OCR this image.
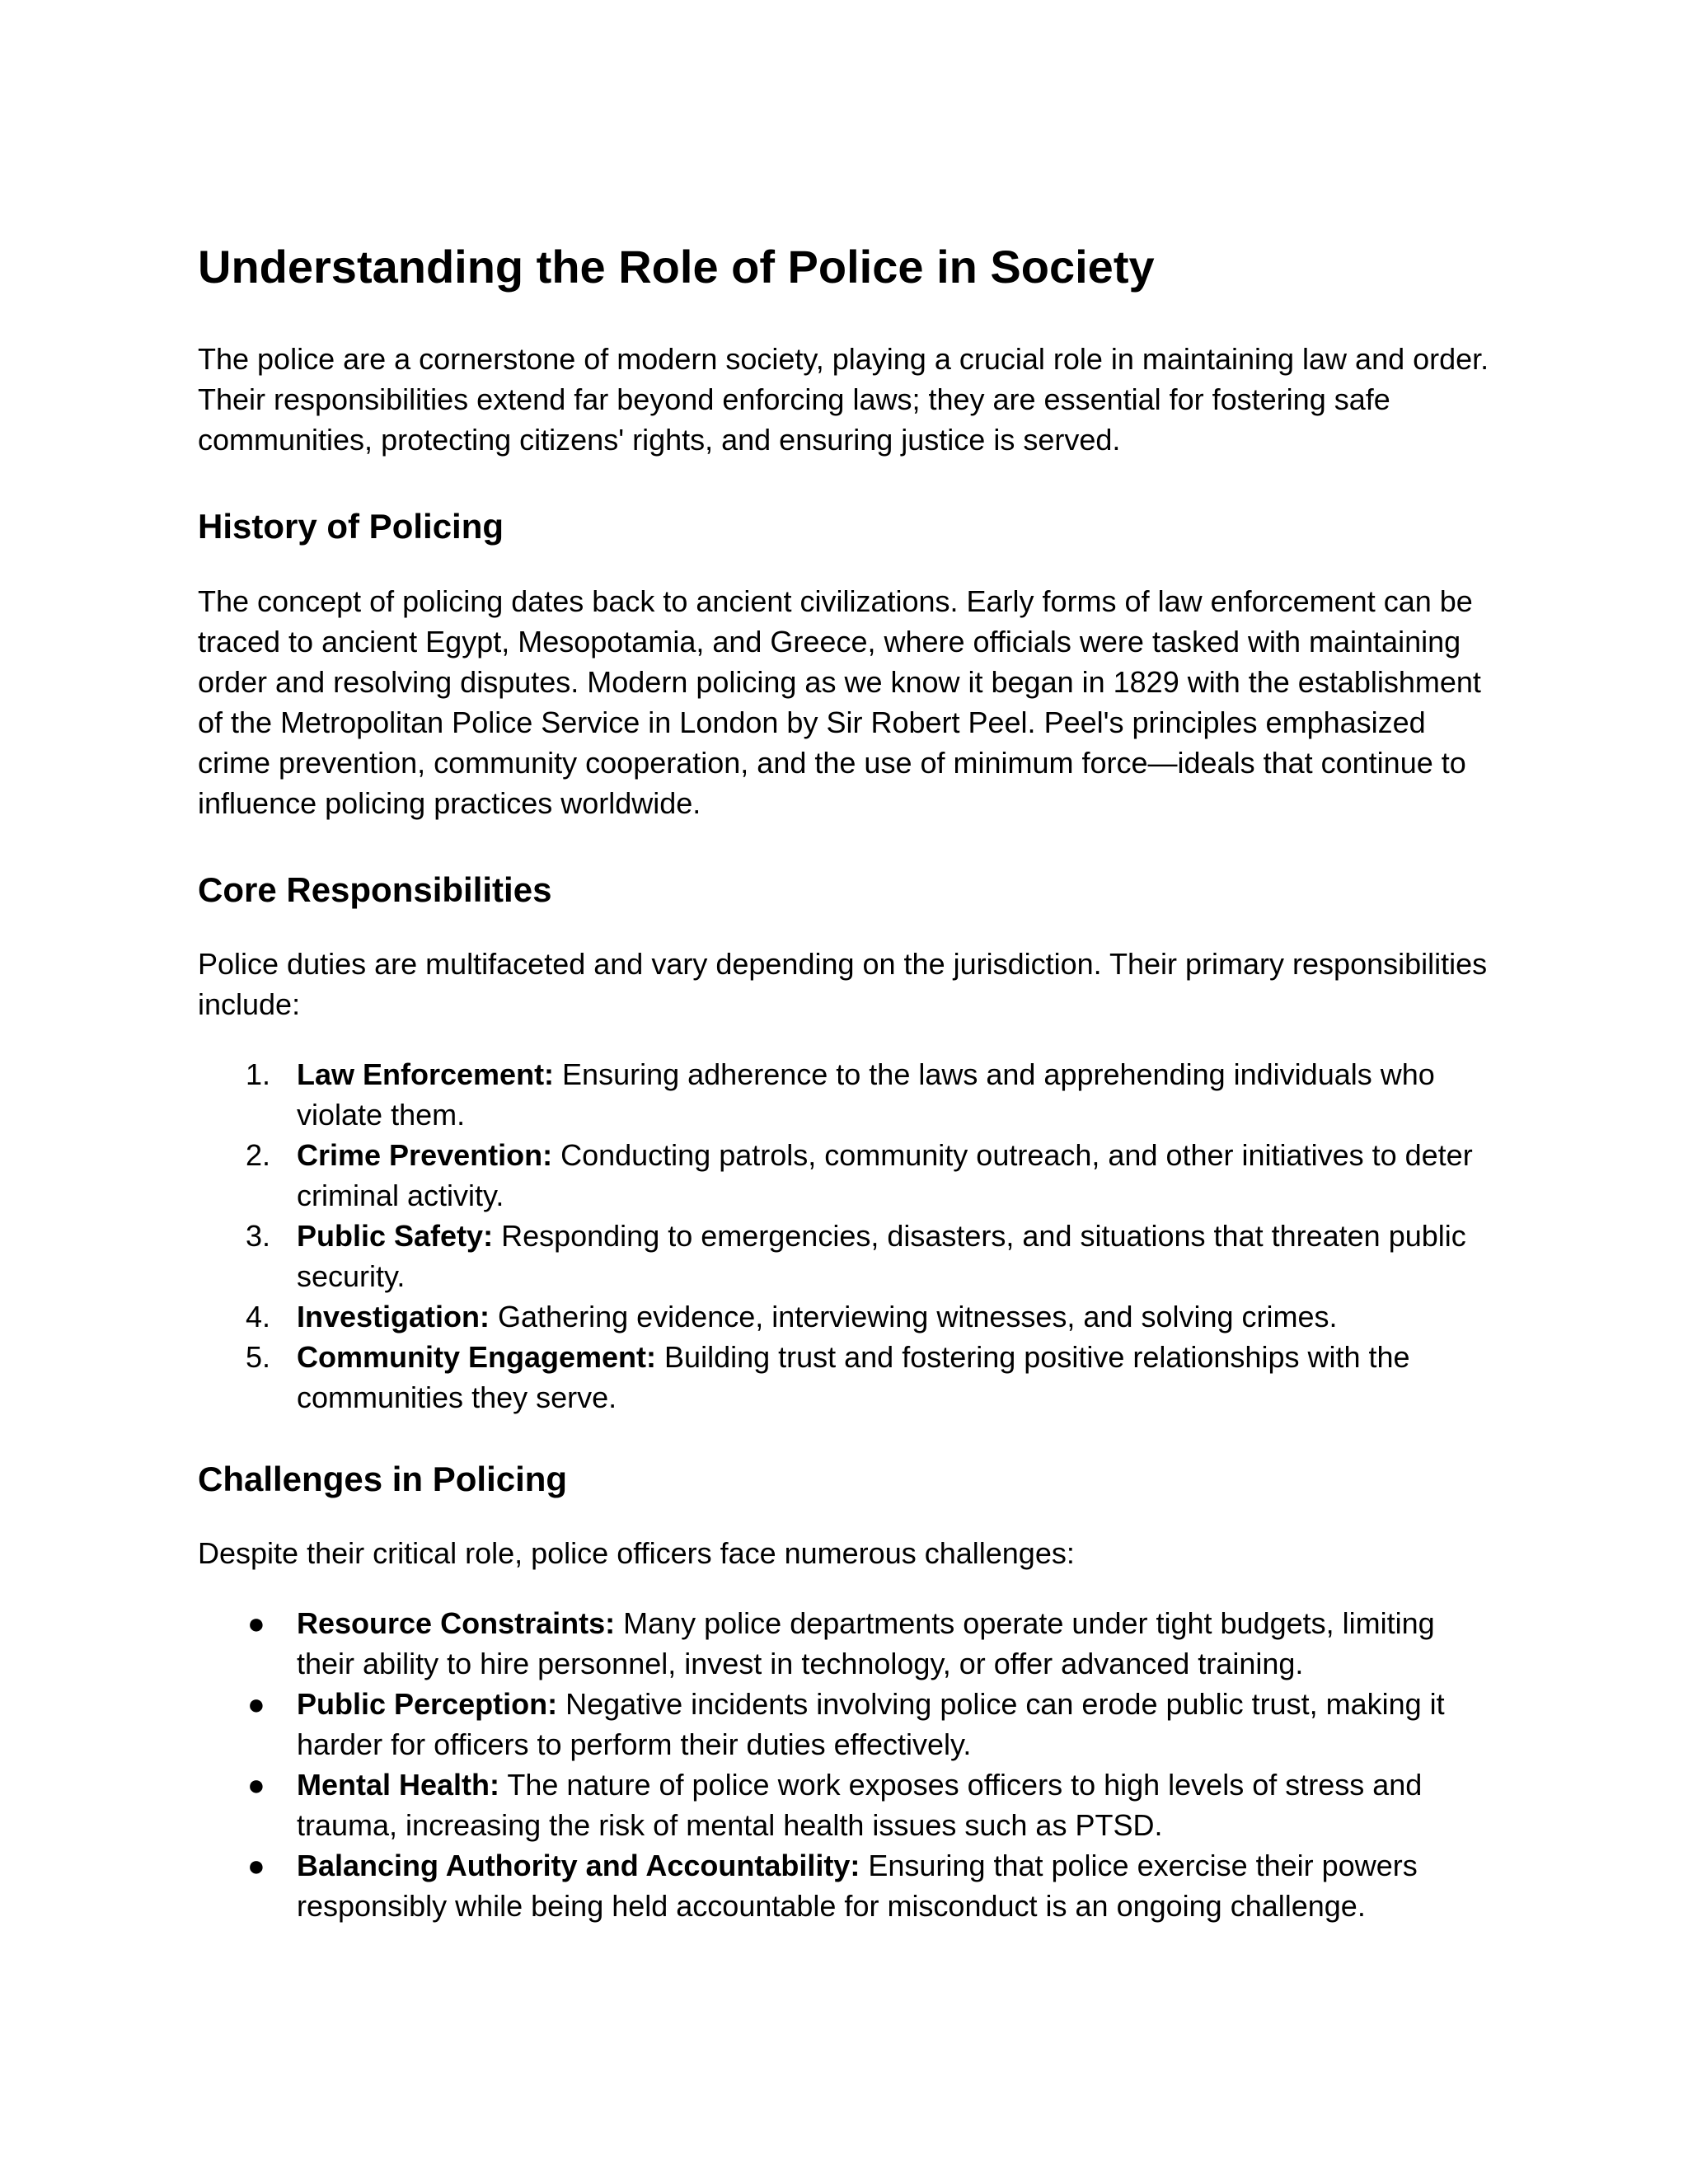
Understanding the Role of Police in Society

The police are a cornerstone of modern society, playing a crucial role in maintaining law and order. Their responsibilities extend far beyond enforcing laws; they are essential for fostering safe communities, protecting citizens' rights, and ensuring justice is served.

History of Policing

The concept of policing dates back to ancient civilizations. Early forms of law enforcement can be traced to ancient Egypt, Mesopotamia, and Greece, where officials were tasked with maintaining order and resolving disputes. Modern policing as we know it began in 1829 with the establishment of the Metropolitan Police Service in London by Sir Robert Peel. Peel's principles emphasized crime prevention, community cooperation, and the use of minimum force—ideals that continue to influence policing practices worldwide.

Core Responsibilities

Police duties are multifaceted and vary depending on the jurisdiction. Their primary responsibilities include:

1. Law Enforcement: Ensuring adherence to the laws and apprehending individuals who violate them.
2. Crime Prevention: Conducting patrols, community outreach, and other initiatives to deter criminal activity.
3. Public Safety: Responding to emergencies, disasters, and situations that threaten public security.
4. Investigation: Gathering evidence, interviewing witnesses, and solving crimes.
5. Community Engagement: Building trust and fostering positive relationships with the communities they serve.
Challenges in Policing

Despite their critical role, police officers face numerous challenges:

● Resource Constraints: Many police departments operate under tight budgets, limiting their ability to hire personnel, invest in technology, or offer advanced training.
● Public Perception: Negative incidents involving police can erode public trust, making it harder for officers to perform their duties effectively.
● Mental Health: The nature of police work exposes officers to high levels of stress and trauma, increasing the risk of mental health issues such as PTSD.
● Balancing Authority and Accountability: Ensuring that police exercise their powers responsibly while being held accountable for misconduct is an ongoing challenge.
